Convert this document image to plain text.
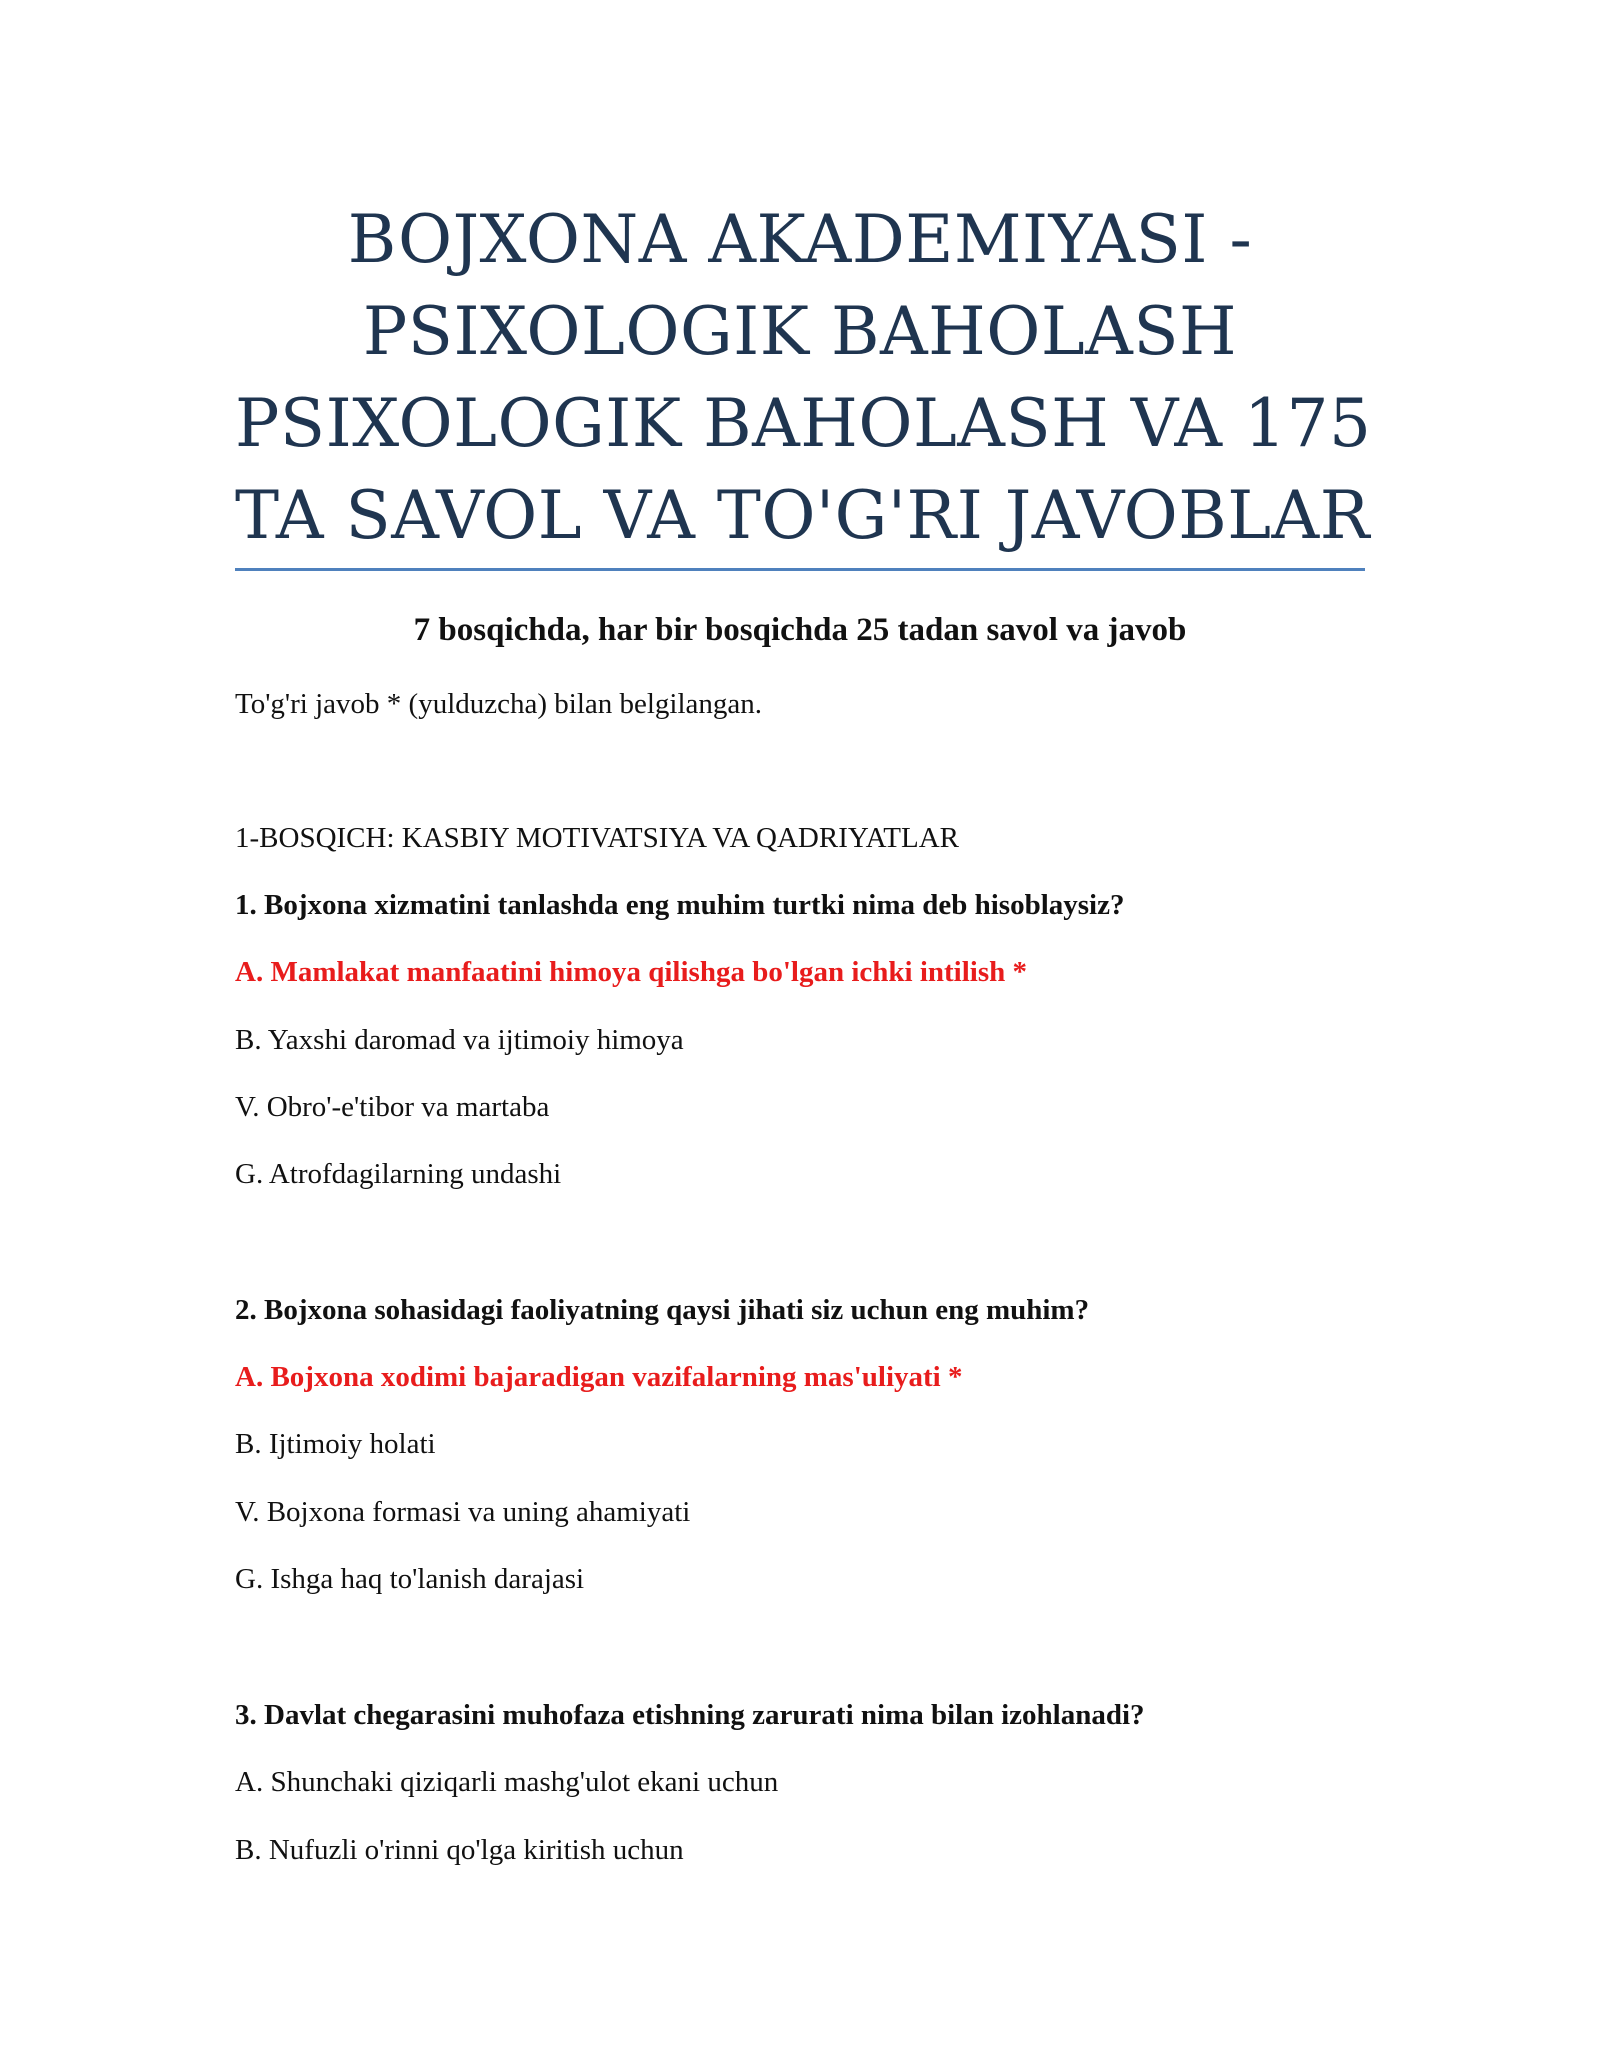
BOJXONA AKADEMIYASI -
PSIXOLOGIK BAHOLASH
PSIXOLOGIK BAHOLASH VA 175
TA SAVOL VA TO'G'RI JAVOBLAR
7 bosqichda, har bir bosqichda 25 tadan savol va javob
To'g'ri javob * (yulduzcha) bilan belgilangan.
1-BOSQICH: KASBIY MOTIVATSIYA VA QADRIYATLAR
1. Bojxona xizmatini tanlashda eng muhim turtki nima deb hisoblaysiz?
A. Mamlakat manfaatini himoya qilishga bo'lgan ichki intilish *
B. Yaxshi daromad va ijtimoiy himoya
V. Obro'-e'tibor va martaba
G. Atrofdagilarning undashi
2. Bojxona sohasidagi faoliyatning qaysi jihati siz uchun eng muhim?
A. Bojxona xodimi bajaradigan vazifalarning mas'uliyati *
B. Ijtimoiy holati
V. Bojxona formasi va uning ahamiyati
G. Ishga haq to'lanish darajasi
3. Davlat chegarasini muhofaza etishning zarurati nima bilan izohlanadi?
A. Shunchaki qiziqarli mashg'ulot ekani uchun
B. Nufuzli o'rinni qo'lga kiritish uchun
